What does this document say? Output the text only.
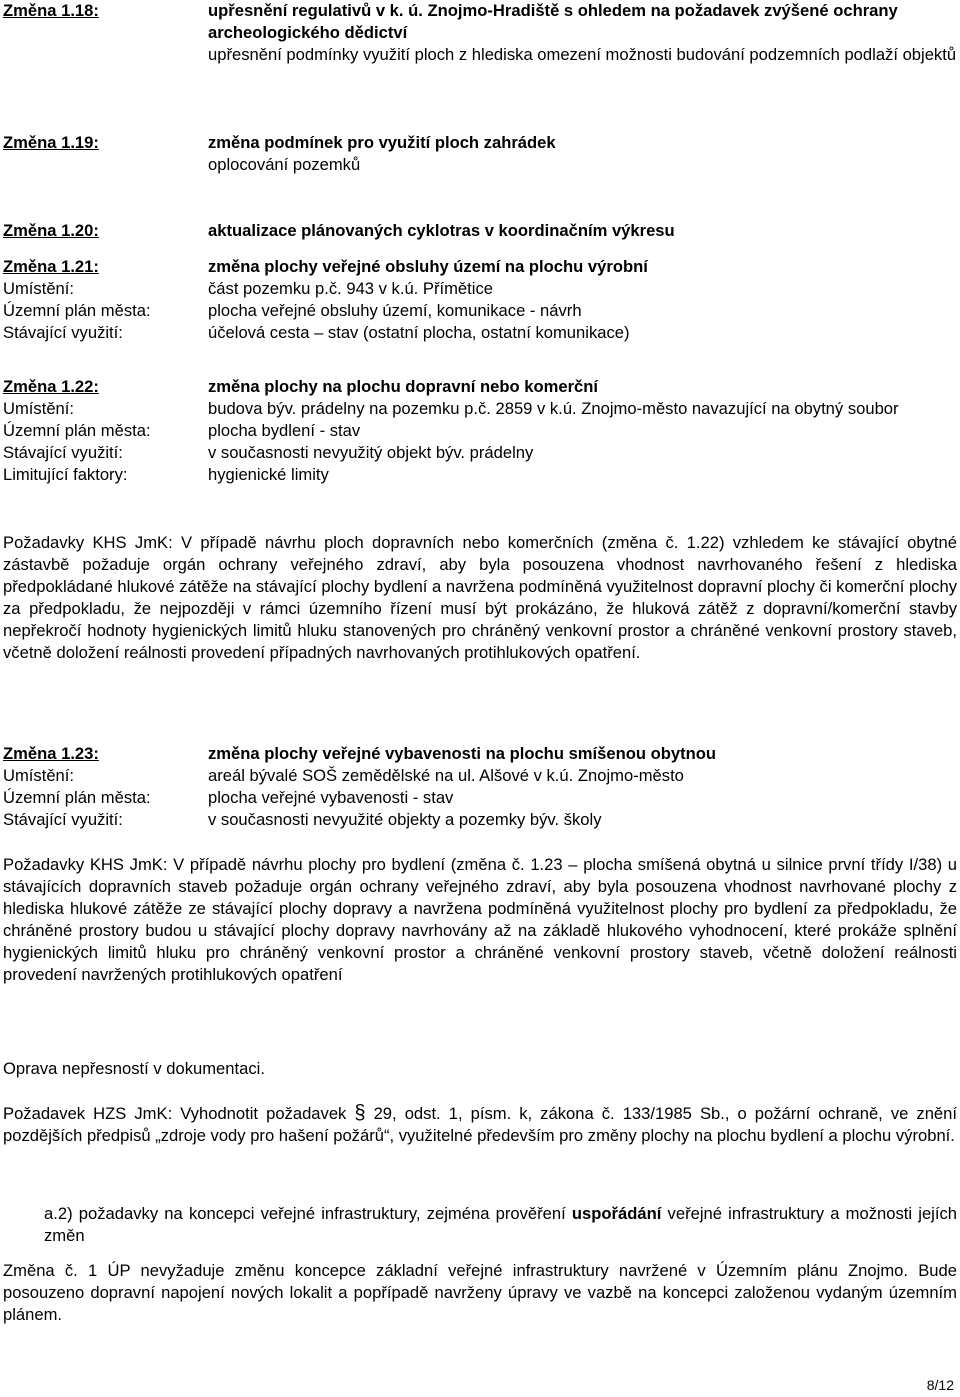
Změna 1.18:	upřesnění regulativů v k. ú. Znojmo-Hradiště s ohledem na požadavek zvýšené ochrany archeologického dědictví
upřesnění podmínky využití ploch z hlediska omezení možnosti budování podzemních podlaží objektů
Změna 1.19:	změna podmínek pro využití ploch zahrádek
oplocování pozemků
Změna 1.20:	aktualizace plánovaných cyklotras v koordinačním výkresu
Změna 1.21:	změna plochy veřejné obsluhy území na plochu výrobní
Umístění:	část pozemku p.č. 943 v k.ú. Přímětice
Územní plán města:	plocha veřejné obsluhy území, komunikace - návrh
Stávající využití:	účelová cesta – stav (ostatní plocha, ostatní komunikace)
Změna 1.22:	změna plochy na plochu dopravní nebo komerční
Umístění:	budova býv. prádelny na pozemku p.č. 2859 v k.ú. Znojmo-město navazující na obytný soubor
Územní plán města:	plocha bydlení - stav
Stávající využití:	v současnosti nevyužitý objekt býv. prádelny
Limitující faktory:	hygienické limity
Požadavky KHS JmK: V případě návrhu ploch dopravních nebo komerčních (změna č. 1.22) vzhledem ke stávající obytné zástavbě požaduje orgán ochrany veřejného zdraví, aby byla posouzena vhodnost navrhovaného řešení z hlediska předpokládané hlukové zátěže na stávající plochy bydlení a navržena podmíněná využitelnost dopravní plochy či komerční plochy za předpokladu, že nejpozději v rámci územního řízení musí být prokázáno, že hluková zátěž z dopravní/komerční stavby nepřekročí hodnoty hygienických limitů hluku stanovených pro chráněný venkovní prostor a chráněné venkovní prostory staveb, včetně doložení reálnosti provedení případných navrhovaných protihlukových opatření.
Změna 1.23:	změna plochy veřejné vybavenosti na plochu smíšenou obytnou
Umístění:	areál bývalé SOŠ zemědělské na ul. Alšové v k.ú. Znojmo-město
Územní plán města:	plocha veřejné vybavenosti - stav
Stávající využití:	v současnosti nevyužité objekty a pozemky býv. školy
Požadavky KHS JmK: V případě návrhu plochy pro bydlení (změna č. 1.23 – plocha smíšená obytná u silnice první třídy I/38) u stávajících dopravních staveb požaduje orgán ochrany veřejného zdraví, aby byla posouzena vhodnost navrhované plochy z hlediska hlukové zátěže ze stávající plochy dopravy a navržena podmíněná využitelnost plochy pro bydlení za předpokladu, že chráněné prostory budou u stávající plochy dopravy navrhovány až na základě hlukového vyhodnocení, které prokáže splnění hygienických limitů hluku pro chráněný venkovní prostor a chráněné venkovní prostory staveb, včetně doložení reálnosti provedení navržených protihlukových opatření
Oprava nepřesností v dokumentaci.
Požadavek HZS JmK: Vyhodnotit požadavek § 29, odst. 1, písm. k, zákona č. 133/1985 Sb., o požární ochraně, ve znění pozdějších předpisů „zdroje vody pro hašení požárů“, využitelné především pro změny plochy na plochu bydlení a plochu výrobní.
a.2) požadavky na koncepci veřejné infrastruktury, zejména prověření uspořádání veřejné infrastruktury a možnosti jejích změn
Změna č. 1 ÚP nevyžaduje změnu koncepce základní veřejné infrastruktury navržené v Územním plánu Znojmo. Bude posouzeno dopravní napojení nových lokalit a popřípadě navrženy úpravy ve vazbě na koncepci založenou vydaným územním plánem.
8/12
